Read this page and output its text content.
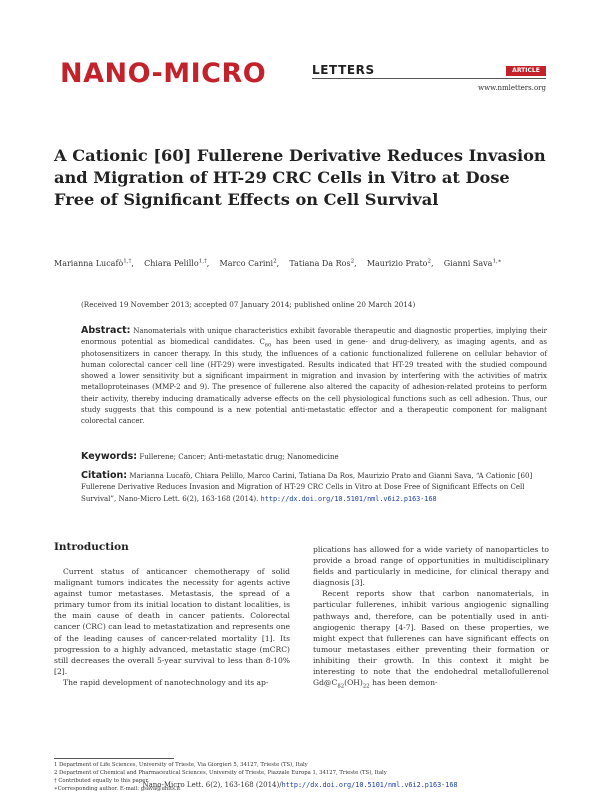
NANO-MICRO	LETTERS	ARTICLE
www.nmletters.org
A Cationic [60] Fullerene Derivative Reduces Invasion and Migration of HT-29 CRC Cells in Vitro at Dose Free of Significant Effects on Cell Survival
Marianna Lucafò$^{1,\dagger}$, Chiara Pelillo$^{1,\dagger}$, Marco Carini$^2$, Tatiana Da Ros$^2$, Maurizio Prato$^2$, Gianni Sava$^{1,∗}$
(Received 19 November 2013; accepted 07 January 2014; published online 20 March 2014)
Abstract: Nanomaterials with unique characteristics exhibit favorable therapeutic and diagnostic properties, implying their enormous potential as biomedical candidates. $C_{60}$ has been used in gene- and drug-delivery, as imaging agents, and as photosensitizers in cancer therapy. In this study, the influences of a cationic functionalized fullerene on cellular behavior of human colorectal cancer cell line (HT-29) were investigated. Results indicated that HT-29 treated with the studied compound showed a lower sensitivity but a significant impairment in migration and invasion by interfering with the activities of matrix metalloproteinases (MMP-2 and 9). The presence of fullerene also altered the capacity of adhesion-related proteins to perform their activity, thereby inducing dramatically adverse effects on the cell physiological functions such as cell adhesion. Thus, our study suggests that this compound is a new potential anti-metastatic effector and a therapeutic component for malignant colorectal cancer.
Keywords: Fullerene; Cancer; Anti-metastatic drug; Nanomedicine
Citation: Marianna Lucafò, Chiara Pelillo, Marco Carini, Tatiana Da Ros, Maurizio Prato and Gianni Sava, “A Cationic [60] Fullerene Derivative Reduces Invasion and Migration of HT-29 CRC Cells in Vitro at Dose Free of Significant Effects on Cell Survival”, Nano-Micro Lett. 6(2), 163-168 (2014). http://dx.doi.org/10.5101/nml.v6i2.p163-168
Introduction

Current status of anticancer chemotherapy of solid malignant tumors indicates the necessity for agents active against tumor metastases. Metastasis, the spread of a primary tumor from its initial location to distant localities, is the main cause of death in cancer patients. Colorectal cancer (CRC) can lead to metastatization and represents one of the leading causes of cancer-related mortality [1]. Its progression to a highly advanced, metastatic stage (mCRC) still decreases the overall 5-year survival to less than 8-10% [2].

The rapid development of nanotechnology and its ap-

plications has allowed for a wide variety of nanoparticles to provide a broad range of opportunities in multidisciplinary fields and particularly in medicine, for clinical therapy and diagnosis [3].

Recent reports show that carbon nanomaterials, in particular fullerenes, inhibit various angiogenic signalling pathways and, therefore, can be potentially used in anti-angiogenic therapy [4-7]. Based on these properties, we might expect that fullerenes can have significant effects on tumour metastases either preventing their formation or inhibiting their growth. In this context it might be interesting to note that the endohedral metallofullerenol $Gd@C_{82}(OH)_{22}$ has been demon-

1 Department of Life Sciences, University of Trieste, Via Giorgieri 5, 34127, Trieste (TS), Italy
2 Department of Chemical and Pharmaceutical Sciences, University of Trieste, Piazzale Europa 1, 34127, Trieste (TS), Italy
† Contributed equally to this paper.
∗Corresponding author. E-mail: gsava@units.it
Nano-Micro Lett. 6(2), 163-168 (2014)/http://dx.doi.org/10.5101/nml.v6i2.p163-168
